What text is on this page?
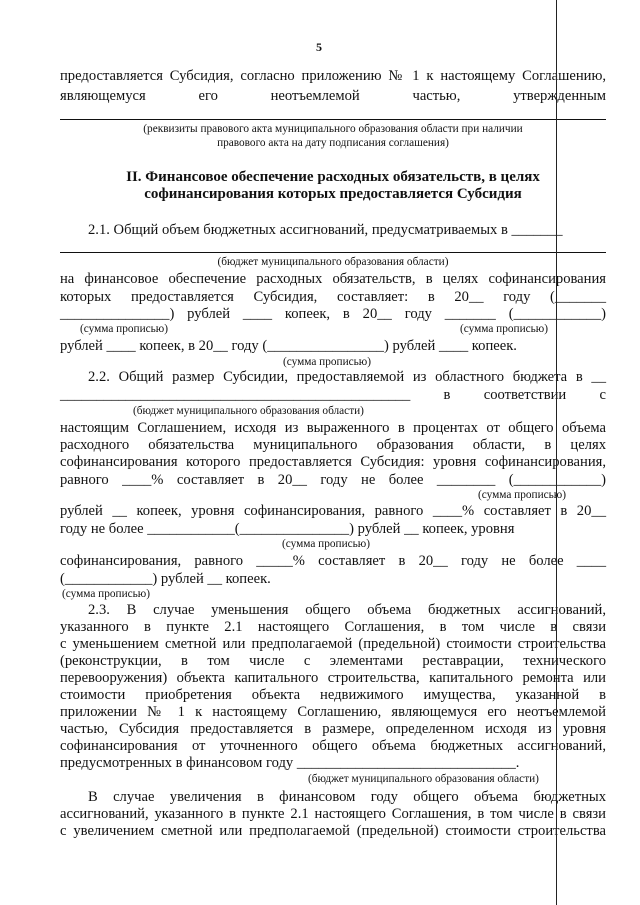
5
предоставляется Субсидия, согласно приложению № 1 к настоящему Соглашению,
являющемуся его неотъемлемой частью, утвержденным
(реквизиты правового акта муниципального образования области при наличии
правового акта на дату подписания соглашения)
II. Финансовое обеспечение расходных обязательств, в целях
софинансирования которых предоставляется Субсидия
2.1. Общий объем бюджетных ассигнований, предусматриваемых в _______
(бюджет муниципального образования области)
на финансовое обеспечение расходных обязательств, в целях софинансирования
которых предоставляется Субсидия, составляет: в 20__ году (_______
_______________) рублей ____ копеек, в 20__ году _______ (____________)
(сумма прописью)	(сумма прописью)
рублей ____ копеек, в 20__ году (________________) рублей ____ копеек.
(сумма прописью)
2.2. Общий размер Субсидии, предоставляемой из областного бюджета в __
________________________________________________ в соответствии с
(бюджет муниципального образования области)
настоящим Соглашением, исходя из выраженного в процентах от общего объема
расходного обязательства муниципального образования области, в целях
софинансирования которого предоставляется Субсидия: уровня софинансирования,
равного ____% составляет в 20__ году не более ________ (____________)
(сумма прописью)
рублей __ копеек, уровня софинансирования, равного ____% составляет в 20__
году не более ____________(_______________) рублей __ копеек, уровня
(сумма прописью)
софинансирования, равного _____% составляет в 20__ году не более ____
(____________) рублей __ копеек.
(сумма прописью)
2.3. В случае уменьшения общего объема бюджетных ассигнований,
указанного в пункте 2.1 настоящего Соглашения, в том числе в связи
с уменьшением сметной или предполагаемой (предельной) стоимости строительства
(реконструкции, в том числе с элементами реставрации, технического
перевооружения) объекта капитального строительства, капитального ремонта или
стоимости приобретения объекта недвижимого имущества, указанной в
приложении № 1 к настоящему Соглашению, являющемуся его неотъемлемой
частью, Субсидия предоставляется в размере, определенном исходя из уровня
софинансирования от уточненного общего объема бюджетных ассигнований,
предусмотренных в финансовом году ______________________________.
(бюджет муниципального образования области)
В случае увеличения в финансовом году общего объема бюджетных
ассигнований, указанного в пункте 2.1 настоящего Соглашения, в том числе в связи
с увеличением сметной или предполагаемой (предельной) стоимости строительства
